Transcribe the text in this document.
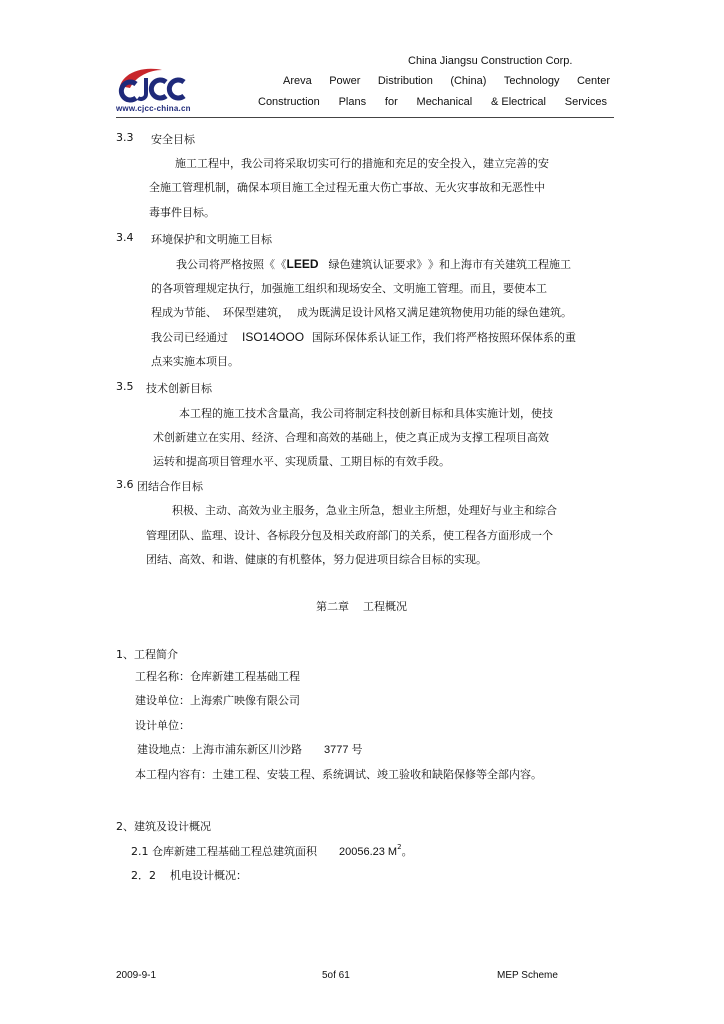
www.cjcc-china.cn
China Jiangsu Construction Corp.
Areva Power Distribution (China) Technology Center
Construction Plans for Mechanical & Electrical Services
3.3 安全目标
施工工程中，我公司将采取切实可行的措施和充足的安全投入，建立完善的安
全施工管理机制，确保本项目施工全过程无重大伤亡事故、无火灾事故和无恶性中
毒事件目标。
3.4 环境保护和文明施工目标
我公司将严格按照《 《LEED 绿色建筑认证要求》 》和上海市有关建筑工程施工
的各项管理规定执行，加强施工组织和现场安全、文明施工管理。而且，要使本工
程成为节能、 环保型建筑， 成为既满足设计风格又满足建筑物使用功能的绿色建筑。
我公司已经通过 ISO14OOO 国际环保体系认证工作，我们将严格按照环保体系的重
点来实施本项目。
3.5 技术创新目标
本工程的施工技术含量高，我公司将制定科技创新目标和具体实施计划，使技
术创新建立在实用、经济、合理和高效的基础上，使之真正成为支撑工程项目高效
运转和提高项目管理水平、实现质量、工期目标的有效手段。
3.6 团结合作目标
积极、主动、高效为业主服务，急业主所急，想业主所想，处理好与业主和综合
管理团队、监理、设计、各标段分包及相关政府部门的关系，使工程各方面形成一个
团结、高效、和谐、健康的有机整体，努力促进项目综合目标的实现。
第二章 工程概况
1、工程简介
工程名称：仓库新建工程基础工程
建设单位：上海索广映像有限公司
设计单位：
建设地点：上海市浦东新区川沙路 3777 号
本工程内容有：土建工程、安装工程、系统调试、竣工验收和缺陷保修等全部内容。
2、建筑及设计概况
2.1 仓库新建工程基础工程总建筑面积 20056.23 $M^2$。
2．2 机电设计概况：
2009-9-1	5of 61	MEP Scheme
